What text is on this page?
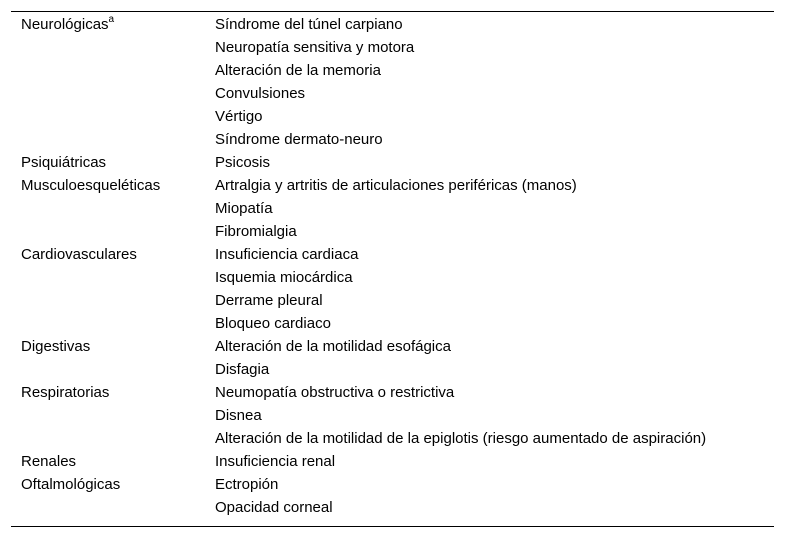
Neurológicas$^a$	Síndrome del túnel carpiano
Neuropatía sensitiva y motora
Alteración de la memoria
Convulsiones
Vértigo
Síndrome dermato-neuro
Psiquiátricas	Psicosis
Musculoesqueléticas	Artralgia y artritis de articulaciones periféricas (manos)
Miopatía
Fibromialgia
Cardiovasculares	Insuficiencia cardiaca
Isquemia miocárdica
Derrame pleural
Bloqueo cardiaco
Digestivas	Alteración de la motilidad esofágica
Disfagia
Respiratorias	Neumopatía obstructiva o restrictiva
Disnea
Alteración de la motilidad de la epiglotis (riesgo aumentado de aspiración)
Renales	Insuficiencia renal
Oftalmológicas	Ectropión
Opacidad corneal
